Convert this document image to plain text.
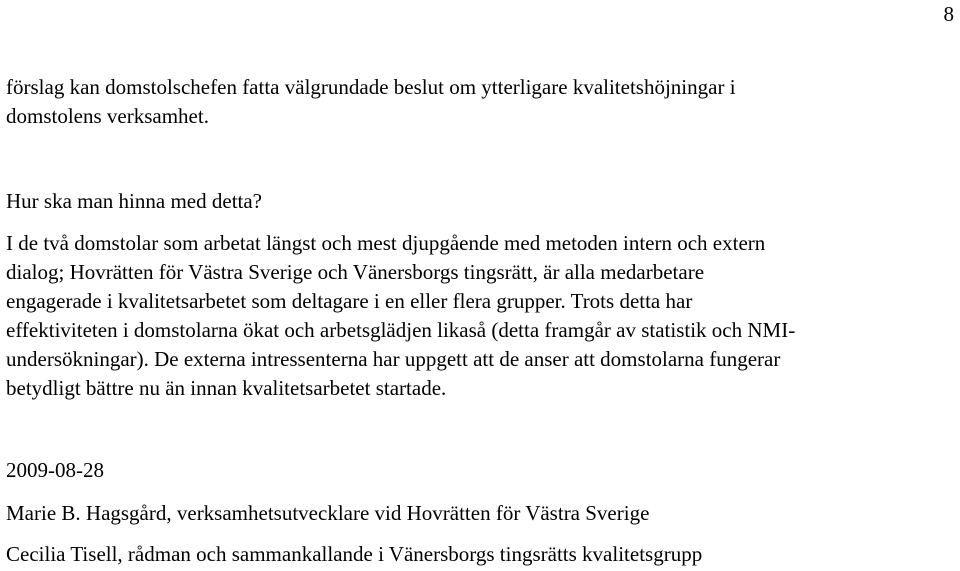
8
förslag kan domstolschefen fatta välgrundade beslut om ytterligare kvalitetshöjningar i
domstolens verksamhet.
Hur ska man hinna med detta?
I de två domstolar som arbetat längst och mest djupgående med metoden intern och extern
dialog; Hovrätten för Västra Sverige och Vänersborgs tingsrätt, är alla medarbetare
engagerade i kvalitetsarbetet som deltagare i en eller flera grupper. Trots detta har
effektiviteten i domstolarna ökat och arbetsglädjen likaså (detta framgår av statistik och NMI-
undersökningar). De externa intressenterna har uppgett att de anser att domstolarna fungerar
betydligt bättre nu än innan kvalitetsarbetet startade.
2009-08-28
Marie B. Hagsgård, verksamhetsutvecklare vid Hovrätten för Västra Sverige
Cecilia Tisell, rådman och sammankallande i Vänersborgs tingsrätts kvalitetsgrupp
